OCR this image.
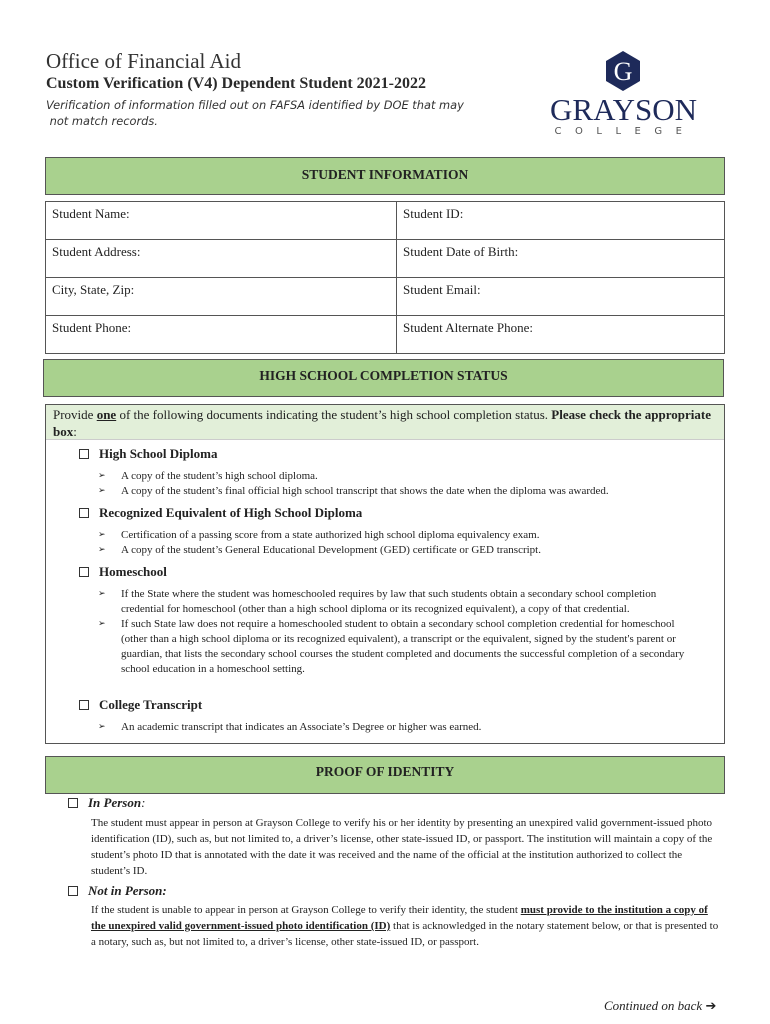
Office of Financial Aid
Custom Verification (V4) Dependent Student 2021-2022
Verification of information filled out on FAFSA identified by DOE that may
not match records.
G
GRAYSON
COLLEGE
STUDENT INFORMATION
Student Name:	Student ID:
Student Address:	Student Date of Birth:
City, State, Zip:	Student Email:
Student Phone:	Student Alternate Phone:
HIGH SCHOOL COMPLETION STATUS
Provide one of the following documents indicating the student’s high school completion status. Please check the appropriate box:
High School Diploma
➢ A copy of the student’s high school diploma.
➢ A copy of the student’s final official high school transcript that shows the date when the diploma was awarded.
Recognized Equivalent of High School Diploma
➢ Certification of a passing score from a state authorized high school diploma equivalency exam.
➢ A copy of the student’s General Educational Development (GED) certificate or GED transcript.
Homeschool
➢ If the State where the student was homeschooled requires by law that such students obtain a secondary school completion credential for homeschool (other than a high school diploma or its recognized equivalent), a copy of that credential.
➢ If such State law does not require a homeschooled student to obtain a secondary school completion credential for homeschool (other than a high school diploma or its recognized equivalent), a transcript or the equivalent, signed by the student's parent or guardian, that lists the secondary school courses the student completed and documents the successful completion of a secondary school education in a homeschool setting.
College Transcript
➢ An academic transcript that indicates an Associate’s Degree or higher was earned.
PROOF OF IDENTITY
In Person:
The student must appear in person at Grayson College to verify his or her identity by presenting an unexpired valid government-issued photo identification (ID), such as, but not limited to, a driver’s license, other state-issued ID, or passport. The institution will maintain a copy of the student’s photo ID that is annotated with the date it was received and the name of the official at the institution authorized to collect the student’s ID.
Not in Person:
If the student is unable to appear in person at Grayson College to verify their identity, the student must provide to the institution a copy of the unexpired valid government-issued photo identification (ID) that is acknowledged in the notary statement below, or that is presented to a notary, such as, but not limited to, a driver’s license, other state-issued ID, or passport.
Continued on back ➔
